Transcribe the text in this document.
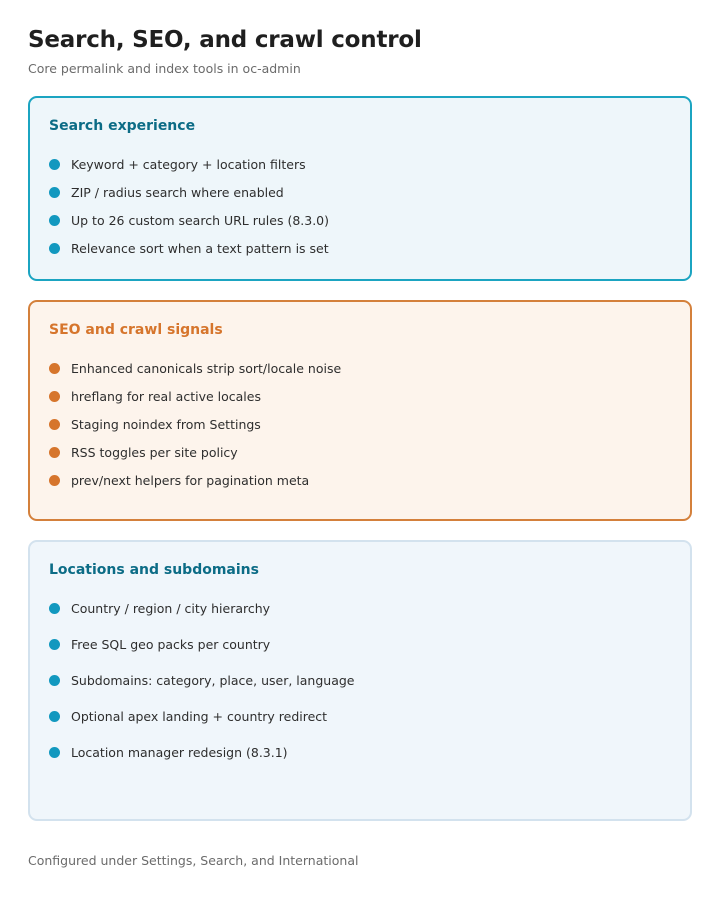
Search, SEO, and crawl control

Core permalink and index tools in oc-admin

Search experience
Keyword + category + location filters
ZIP / radius search where enabled
Up to 26 custom search URL rules (8.3.0)
Relevance sort when a text pattern is set
SEO and crawl signals
Enhanced canonicals strip sort/locale noise
hreflang for real active locales
Staging noindex from Settings
RSS toggles per site policy
prev/next helpers for pagination meta
Locations and subdomains
Country / region / city hierarchy
Free SQL geo packs per country
Subdomains: category, place, user, language
Optional apex landing + country redirect
Location manager redesign (8.3.1)

Configured under Settings, Search, and International
